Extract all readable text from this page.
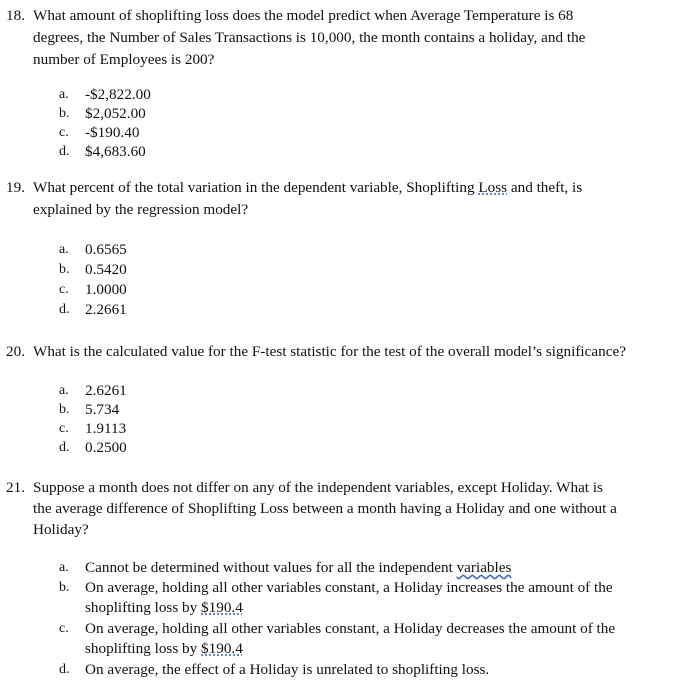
18. What amount of shoplifting loss does the model predict when Average Temperature is 68
degrees, the Number of Sales Transactions is 10,000, the month contains a holiday, and the
number of Employees is 200?
a. -$2,822.00
b. $2,052.00
c. -$190.40
d. $4,683.60
19. What percent of the total variation in the dependent variable, Shoplifting Loss and theft, is
explained by the regression model?
a. 0.6565
b. 0.5420
c. 1.0000
d. 2.2661
20. What is the calculated value for the F-test statistic for the test of the overall model’s significance?
a. 2.6261
b. 5.734
c. 1.9113
d. 0.2500
21. Suppose a month does not differ on any of the independent variables, except Holiday. What is
the average difference of Shoplifting Loss between a month having a Holiday and one without a
Holiday?
a. Cannot be determined without values for all the independent variables
b. On average, holding all other variables constant, a Holiday increases the amount of the
shoplifting loss by $190.4
c. On average, holding all other variables constant, a Holiday decreases the amount of the
shoplifting loss by $190.4
d. On average, the effect of a Holiday is unrelated to shoplifting loss.
